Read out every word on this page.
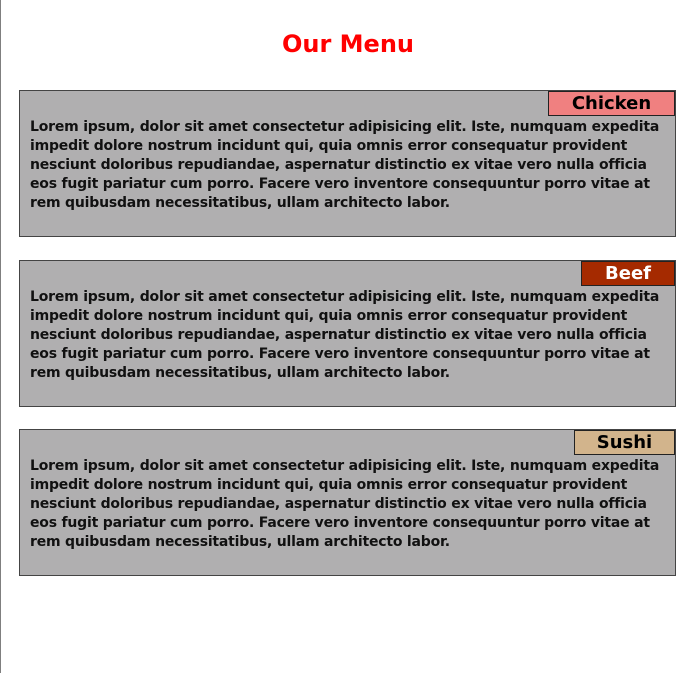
Our Menu
Chicken

Lorem ipsum, dolor sit amet consectetur adipisicing elit. Iste, numquam expedita impedit dolore nostrum incidunt qui, quia omnis error consequatur provident nesciunt doloribus repudiandae, aspernatur distinctio ex vitae vero nulla officia eos fugit pariatur cum porro. Facere vero inventore consequuntur porro vitae at rem quibusdam necessitatibus, ullam architecto labor.

Beef

Lorem ipsum, dolor sit amet consectetur adipisicing elit. Iste, numquam expedita impedit dolore nostrum incidunt qui, quia omnis error consequatur provident nesciunt doloribus repudiandae, aspernatur distinctio ex vitae vero nulla officia eos fugit pariatur cum porro. Facere vero inventore consequuntur porro vitae at rem quibusdam necessitatibus, ullam architecto labor.

Sushi

Lorem ipsum, dolor sit amet consectetur adipisicing elit. Iste, numquam expedita impedit dolore nostrum incidunt qui, quia omnis error consequatur provident nesciunt doloribus repudiandae, aspernatur distinctio ex vitae vero nulla officia eos fugit pariatur cum porro. Facere vero inventore consequuntur porro vitae at rem quibusdam necessitatibus, ullam architecto labor.
